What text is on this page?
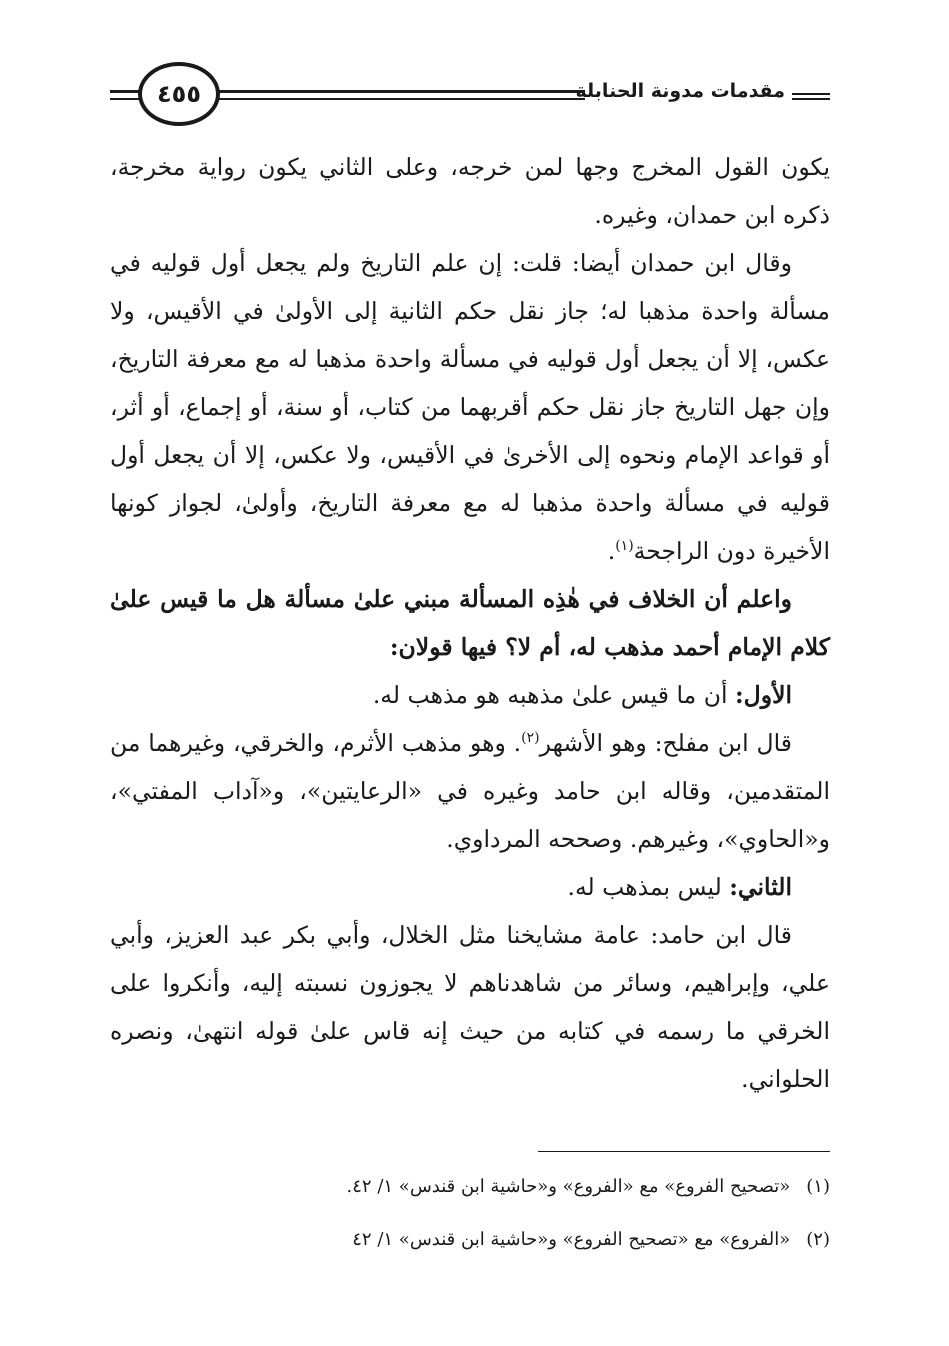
مقدمات مدونة الحنابلة
٤٥٥

يكون القول المخرج وجها لمن خرجه، وعلى الثاني يكون رواية مخرجة، ذكره ابن حمدان، وغيره.

وقال ابن حمدان أيضا: قلت: إن علم التاريخ ولم يجعل أول قوليه في مسألة واحدة مذهبا له؛ جاز نقل حكم الثانية إلى الأولىٰ في الأقيس، ولا عكس، إلا أن يجعل أول قوليه في مسألة واحدة مذهبا له مع معرفة التاريخ، وإن جهل التاريخ جاز نقل حكم أقربهما من كتاب، أو سنة، أو إجماع، أو أثر، أو قواعد الإمام ونحوه إلى الأخرىٰ في الأقيس، ولا عكس، إلا أن يجعل أول قوليه في مسألة واحدة مذهبا له مع معرفة التاريخ، وأولىٰ، لجواز كونها الأخيرة دون الراجحة$^{(١)}$.

واعلم أن الخلاف في هٰذِه المسألة مبني علىٰ مسألة هل ما قيس علىٰ كلام الإمام أحمد مذهب له، أم لا؟ فيها قولان:

الأول: أن ما قيس علىٰ مذهبه هو مذهب له.

قال ابن مفلح: وهو الأشهر$^{(٢)}$. وهو مذهب الأثرم، والخرقي، وغيرهما من المتقدمين، وقاله ابن حامد وغيره في «الرعايتين»، و«آداب المفتي»، و«الحاوي»، وغيرهم. وصححه المرداوي.

الثاني: ليس بمذهب له.

قال ابن حامد: عامة مشايخنا مثل الخلال، وأبي بكر عبد العزيز، وأبي علي، وإبراهيم، وسائر من شاهدناهم لا يجوزون نسبته إليه، وأنكروا على الخرقي ما رسمه في كتابه من حيث إنه قاس علىٰ قوله انتهىٰ، ونصره الحلواني.

(١)«تصحيح الفروع» مع «الفروع» و«حاشية ابن قندس» ١/ ٤٢.

(٢)«الفروع» مع «تصحيح الفروع» و«حاشية ابن قندس» ١/ ٤٢
